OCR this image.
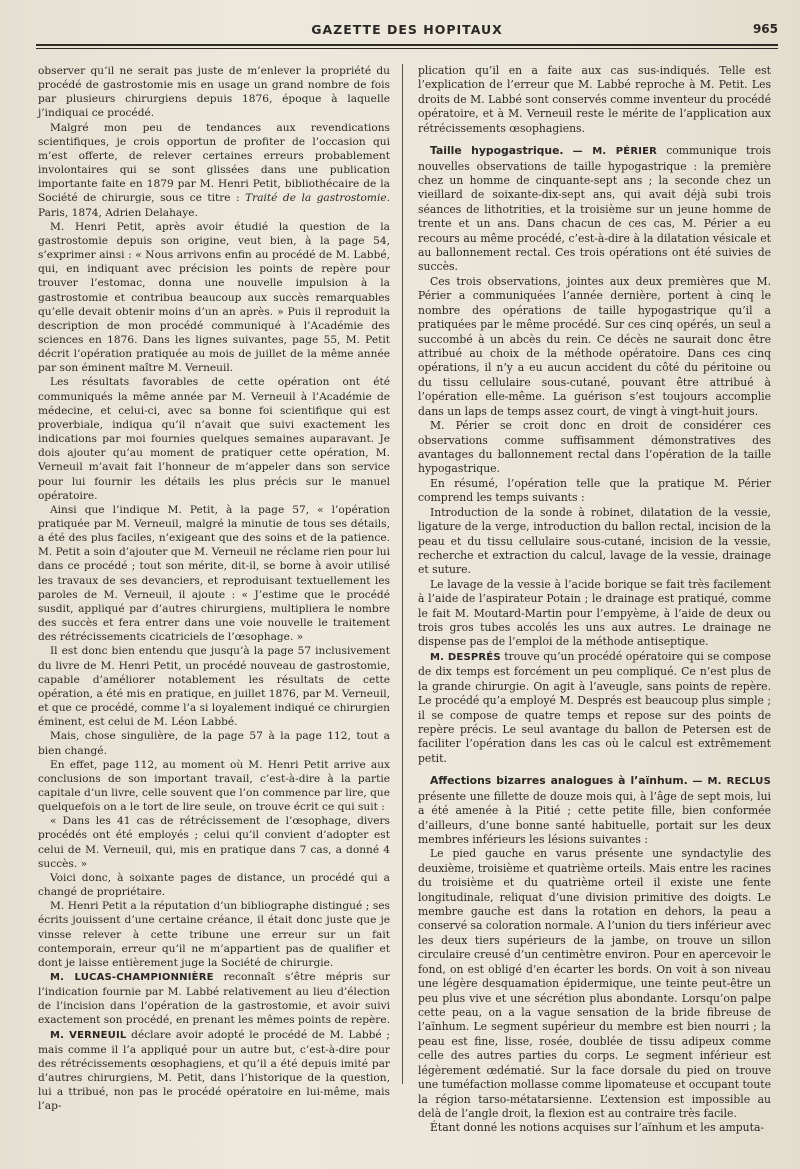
GAZETTE DES HOPITAUX	965

observer qu’il ne serait pas juste de m’enlever la propriété du procédé de gastrostomie mis en usage un grand nombre de fois par plusieurs chirurgiens depuis 1876, époque à laquelle j’indiquai ce procédé.

Malgré mon peu de tendances aux revendications scientifiques, je crois opportun de profiter de l’occasion qui m’est offerte, de relever certaines erreurs probablement involontaires qui se sont glissées dans une publication importante faite en 1879 par M. Henri Petit, bibliothécaire de la Société de chirurgie, sous ce titre : Traité de la gastrostomie. Paris, 1874, Adrien Delahaye.

M. Henri Petit, après avoir étudié la question de la gastrostomie depuis son origine, veut bien, à la page 54, s’exprimer ainsi : « Nous arrivons enfin au procédé de M. Labbé, qui, en indiquant avec précision les points de repère pour trouver l’estomac, donna une nouvelle impulsion à la gastrostomie et contribua beaucoup aux succès remarquables qu’elle devait obtenir moins d’un an après. » Puis il reproduit la description de mon procédé communiqué à l’Académie des sciences en 1876. Dans les lignes suivantes, page 55, M. Petit décrit l’opération pratiquée au mois de juillet de la même année par son éminent maître M. Verneuil.

Les résultats favorables de cette opération ont été communiqués la même année par M. Verneuil à l’Académie de médecine, et celui-ci, avec sa bonne foi scientifique qui est proverbiale, indiqua qu’il n’avait que suivi exactement les indications par moi fournies quelques semaines auparavant. Je dois ajouter qu’au moment de pratiquer cette opération, M. Verneuil m’avait fait l’honneur de m’appeler dans son service pour lui fournir les détails les plus précis sur le manuel opératoire.

Ainsi que l’indique M. Petit, à la page 57, « l’opération pratiquée par M. Verneuil, malgré la minutie de tous ses détails, a été des plus faciles, n’exigeant que des soins et de la patience. M. Petit a soin d’ajouter que M. Verneuil ne réclame rien pour lui dans ce procédé ; tout son mérite, dit-il, se borne à avoir utilisé les travaux de ses devanciers, et reproduisant textuellement les paroles de M. Verneuil, il ajoute : « J’estime que le procédé susdit, appliqué par d’autres chirurgiens, multipliera le nombre des succès et fera entrer dans une voie nouvelle le traitement des rétrécissements cicatriciels de l’œsophage. »

Il est donc bien entendu que jusqu’à la page 57 inclusivement du livre de M. Henri Petit, un procédé nouveau de gastrostomie, capable d’améliorer notablement les résultats de cette opération, a été mis en pratique, en juillet 1876, par M. Verneuil, et que ce procédé, comme l’a si loyalement indiqué ce chirurgien éminent, est celui de M. Léon Labbé.

Mais, chose singulière, de la page 57 à la page 112, tout a bien changé.

En effet, page 112, au moment où M. Henri Petit arrive aux conclusions de son important travail, c’est-à-dire à la partie capitale d’un livre, celle souvent que l’on commence par lire, que quelquefois on a le tort de lire seule, on trouve écrit ce qui suit :

« Dans les 41 cas de rétrécissement de l’œsophage, divers procédés ont été employés ; celui qu’il convient d’adopter est celui de M. Verneuil, qui, mis en pratique dans 7 cas, a donné 4 succès. »

Voici donc, à soixante pages de distance, un procédé qui a changé de propriétaire.

M. Henri Petit a la réputation d’un bibliographe distingué ; ses écrits jouissent d’une certaine créance, il était donc juste que je vinsse relever à cette tribune une erreur sur un fait contemporain, erreur qu’il ne m’appartient pas de qualifier et dont je laisse entièrement juge la Société de chirurgie.

M. LUCAS-CHAMPIONNIÈRE reconnaît s’être mépris sur l’indication fournie par M. Labbé relativement au lieu d’élection de l’incision dans l’opération de la gastrostomie, et avoir suivi exactement son procédé, en prenant les mêmes points de repère.

M. VERNEUIL déclare avoir adopté le procédé de M. Labbé ; mais comme il l’a appliqué pour un autre but, c’est-à-dire pour des rétrécissements œsophagiens, et qu’il a été depuis imité par d’autres chirurgiens, M. Petit, dans l’historique de la question, lui a ttribué, non pas le procédé opératoire en lui-même, mais l’ap-

plication qu’il en a faite aux cas sus-indiqués. Telle est l’explication de l’erreur que M. Labbé reproche à M. Petit. Les droits de M. Labbé sont conservés comme inventeur du procédé opératoire, et à M. Verneuil reste le mérite de l’application aux rétrécissements œsophagiens.

Taille hypogastrique. — M. PÉRIER communique trois nouvelles observations de taille hypogastrique : la première chez un homme de cinquante-sept ans ; la seconde chez un vieillard de soixante-dix-sept ans, qui avait déjà subi trois séances de lithotrities, et la troisième sur un jeune homme de trente et un ans. Dans chacun de ces cas, M. Périer a eu recours au même procédé, c’est-à-dire à la dilatation vésicale et au ballonnement rectal. Ces trois opérations ont été suivies de succès.

Ces trois observations, jointes aux deux premières que M. Périer a communiquées l’année dernière, portent à cinq le nombre des opérations de taille hypogastrique qu’il a pratiquées par le même procédé. Sur ces cinq opérés, un seul a succombé à un abcès du rein. Ce décès ne saurait donc être attribué au choix de la méthode opératoire. Dans ces cinq opérations, il n’y a eu aucun accident du côté du péritoine ou du tissu cellulaire sous-cutané, pouvant être attribué à l’opération elle-même. La guérison s’est toujours accomplie dans un laps de temps assez court, de vingt à vingt-huit jours.

M. Périer se croit donc en droit de considérer ces observations comme suffisamment démonstratives des avantages du ballonnement rectal dans l’opération de la taille hypogastrique.

En résumé, l’opération telle que la pratique M. Périer comprend les temps suivants :

Introduction de la sonde à robinet, dilatation de la vessie, ligature de la verge, introduction du ballon rectal, incision de la peau et du tissu cellulaire sous-cutané, incision de la vessie, recherche et extraction du calcul, lavage de la vessie, drainage et suture.

Le lavage de la vessie à l’acide borique se fait très facilement à l’aide de l’aspirateur Potain ; le drainage est pratiqué, comme le fait M. Moutard-Martin pour l’empyème, à l’aide de deux ou trois gros tubes accolés les uns aux autres. Le drainage ne dispense pas de l’emploi de la méthode antiseptique.

M. DESPRÉS trouve qu’un procédé opératoire qui se compose de dix temps est forcément un peu compliqué. Ce n’est plus de la grande chirurgie. On agit à l’aveugle, sans points de repère. Le procédé qu’a employé M. Després est beaucoup plus simple ; il se compose de quatre temps et repose sur des points de repère précis. Le seul avantage du ballon de Petersen est de faciliter l’opération dans les cas où le calcul est extrêmement petit.

Affections bizarres analogues à l’aïnhum. — M. RECLUS présente une fillette de douze mois qui, à l’âge de sept mois, lui a été amenée à la Pitié ; cette petite fille, bien conformée d’ailleurs, d’une bonne santé habituelle, portait sur les deux membres inférieurs les lésions suivantes :

Le pied gauche en varus présente une syndactylie des deuxième, troisième et quatrième orteils. Mais entre les racines du troisième et du quatrième orteil il existe une fente longitudinale, reliquat d’une division primitive des doigts. Le membre gauche est dans la rotation en dehors, la peau a conservé sa coloration normale. A l’union du tiers inférieur avec les deux tiers supérieurs de la jambe, on trouve un sillon circulaire creusé d’un centimètre environ. Pour en apercevoir le fond, on est obligé d’en écarter les bords. On voit à son niveau une légère desquamation épidermique, une teinte peut-être un peu plus vive et une sécrétion plus abondante. Lorsqu’on palpe cette peau, on a la vague sensation de la bride fibreuse de l’aïnhum. Le segment supérieur du membre est bien nourri ; la peau est fine, lisse, rosée, doublée de tissu adipeux comme celle des autres parties du corps. Le segment inférieur est légèrement œdématié. Sur la face dorsale du pied on trouve une tuméfaction mollasse comme lipomateuse et occupant toute la région tarso-métatarsienne. L’extension est impossible au delà de l’angle droit, la flexion est au contraire très facile.

Étant donné les notions acquises sur l’aïnhum et les amputa-
